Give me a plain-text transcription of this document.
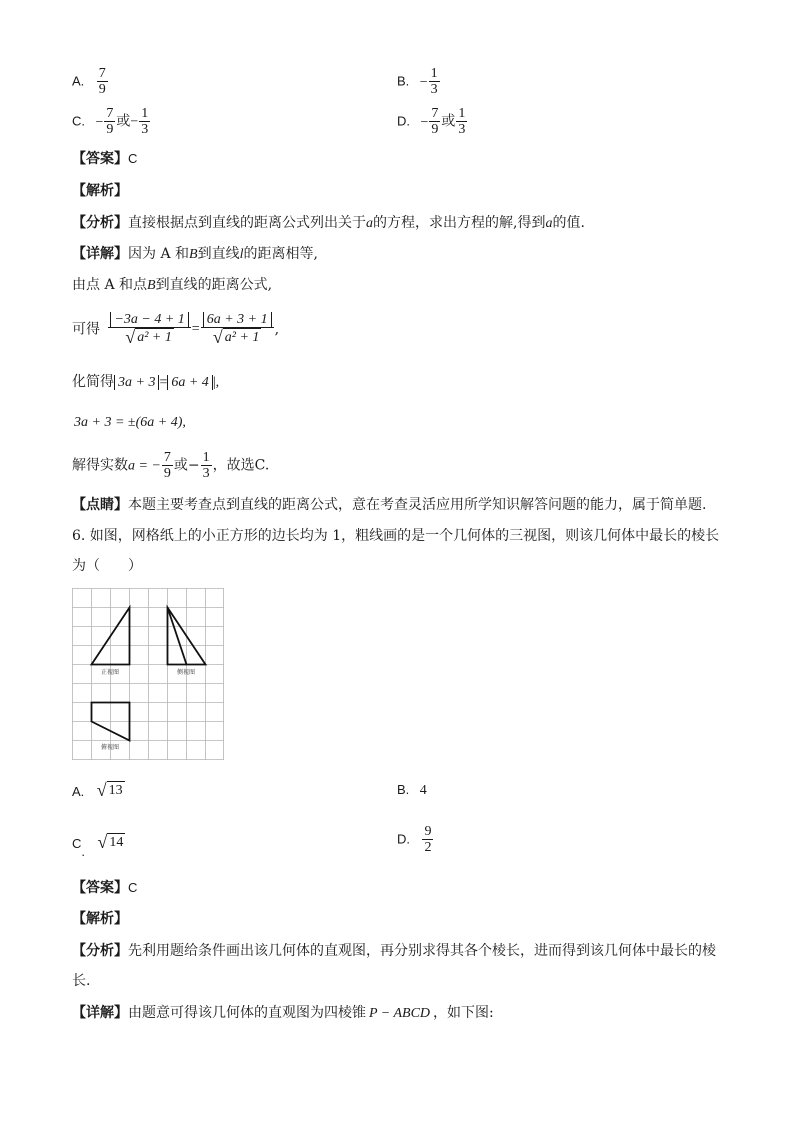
A. $\frac{7}{9}$	B. − $\frac{1}{3}$
C. − $\frac{7}{9}$ 或− $\frac{1}{3}$	D. − $\frac{7}{9}$ 或 $\frac{1}{3}$
【答案】C
【解析】
【分析】直接根据点到直线的距离公式列出关于a的方程，求出方程的解,得到a的值.
【详解】因为 A 和B到直线l的距离相等,
由点 A 和点B到直线的距离公式,
可得 $\frac{-3a - 4 + 1}{\text{√ a² + 1}} = \frac{6a + 3 + 1}{\text{√ a² + 1}}$ ,
化简得 3a + 3 = 6a + 4 |,
3a + 3 = ±(6a + 4),
解得实数a = − $\frac{7}{9}$ 或− $\frac{1}{3}$ ，故选C.
【点睛】本题主要考查点到直线的距离公式，意在考查灵活应用所学知识解答问题的能力，属于简单题.
6. 如图，网格纸上的小正方形的边长均为 1，粗线画的是一个几何体的三视图，则该几何体中最长的棱长
为（　　）
正视图	侧视图
俯视图
A. √ 13	B. 4
C. √ 14	D. $\frac{9}{2}$
【答案】C
【解析】
【分析】先利用题给条件画出该几何体的直观图，再分别求得其各个棱长，进而得到该几何体中最长的棱
长.
【详解】由题意可得该几何体的直观图为四棱锥 P − ABCD ，如下图:
